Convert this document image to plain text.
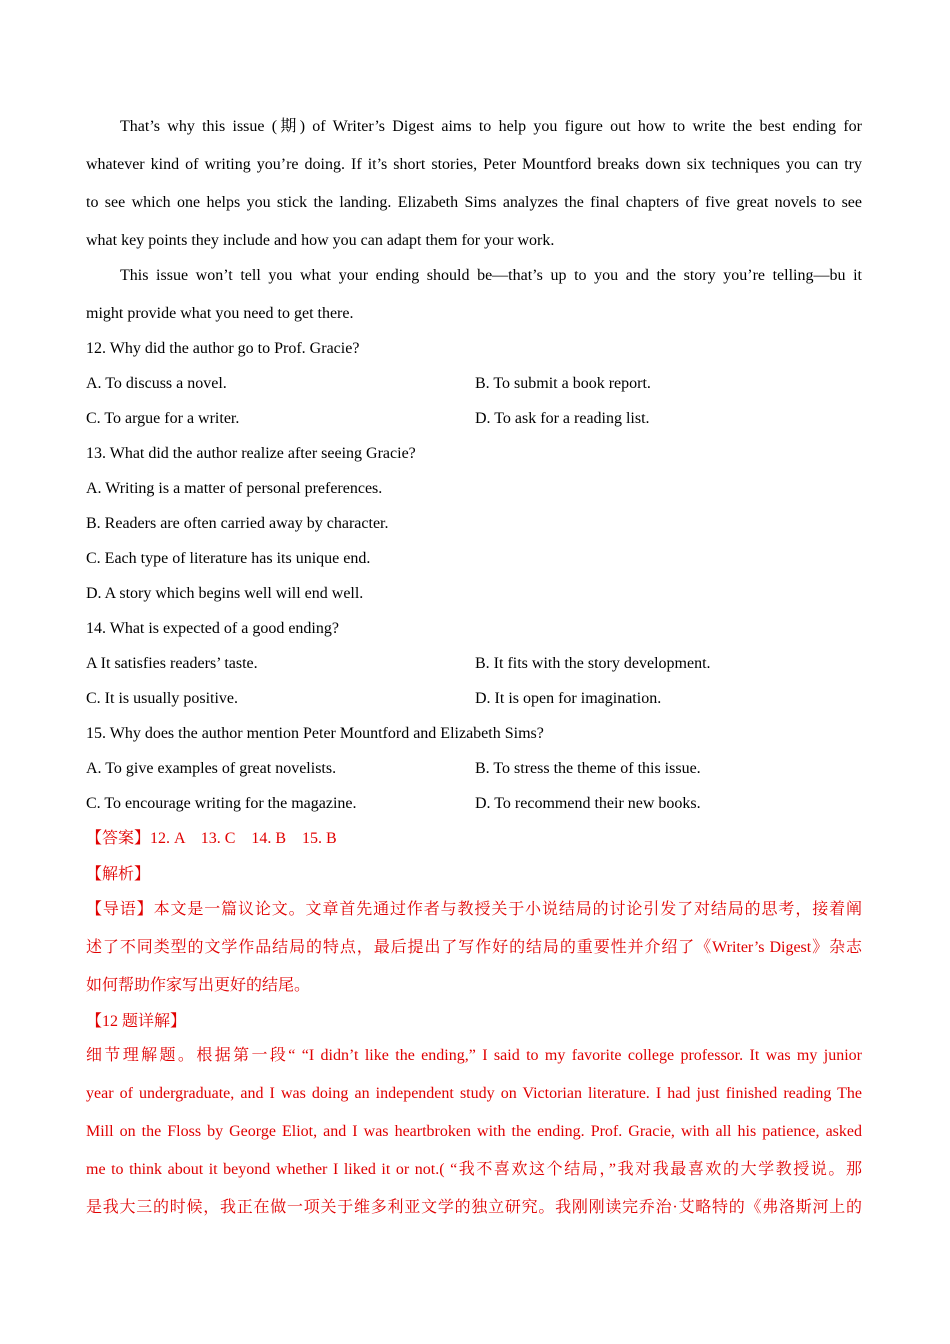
That’s why this issue (期) of Writer’s Digest aims to help you figure out how to write the best ending for
whatever kind of writing you’re doing. If it’s short stories, Peter Mountford breaks down six techniques you can try
to see which one helps you stick the landing. Elizabeth Sims analyzes the final chapters of five great novels to see
what key points they include and how you can adapt them for your work.
This issue won’t tell you what your ending should be—that’s up to you and the story you’re telling—bu it
might provide what you need to get there.
12. Why did the author go to Prof. Gracie?
A. To discuss a novel.	B. To submit a book report.
C. To argue for a writer.	D. To ask for a reading list.
13. What did the author realize after seeing Gracie?
A. Writing is a matter of personal preferences.
B. Readers are often carried away by character.
C. Each type of literature has its unique end.
D. A story which begins well will end well.
14. What is expected of a good ending?
A It satisfies readers’ taste.	B. It fits with the story development.
C. It is usually positive.	D. It is open for imagination.
15. Why does the author mention Peter Mountford and Elizabeth Sims?
A. To give examples of great novelists.	B. To stress the theme of this issue.
C. To encourage writing for the magazine.	D. To recommend their new books.
【答案】12. A    13. C    14. B    15. B
【解析】
【导语】本文是一篇议论文。文章首先通过作者与教授关于小说结局的讨论引发了对结局的思考，接着阐
述了不同类型的文学作品结局的特点，最后提出了写作好的结局的重要性并介绍了《Writer’s Digest》杂志
如何帮助作家写出更好的结尾。
【12 题详解】
细节理解题。根据第一段“ “I didn’t like the ending,” I said to my favorite college professor. It was my junior
year of undergraduate, and I was doing an independent study on Victorian literature. I had just finished reading The
Mill on the Floss by George Eliot, and I was heartbroken with the ending. Prof. Gracie, with all his patience, asked
me to think about it beyond whether I liked it or not.( “我不喜欢这个结局，”我对我最喜欢的大学教授说。那
是我大三的时候，我正在做一项关于维多利亚文学的独立研究。我刚刚读完乔治·艾略特的《弗洛斯河上的
